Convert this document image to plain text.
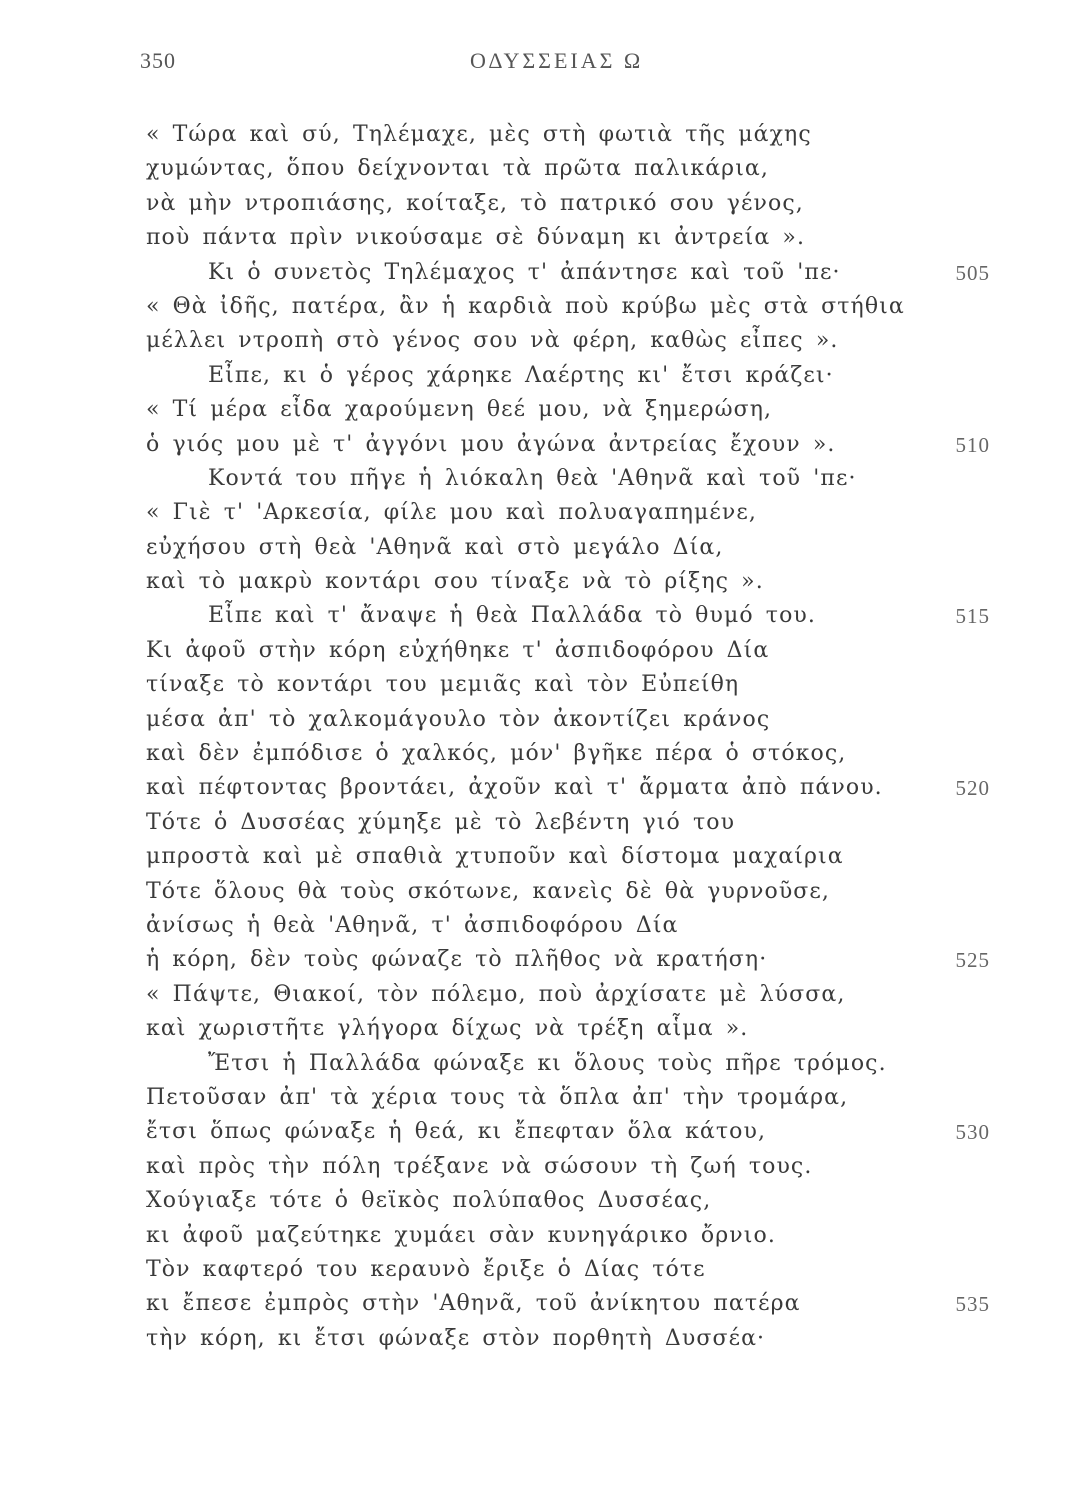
350	ΟΔΥΣΣΕΙΑΣ Ω
« Τώρα καὶ σύ, Τηλέμαχε, μὲς στὴ φωτιὰ τῆς μάχης
χυμώντας, ὅπου δείχνονται τὰ πρῶτα παλικάρια,
νὰ μὴν ντροπιάσης, κοίταξε, τὸ πατρικό σου γένος,
ποὺ πάντα πρὶν νικούσαμε σὲ δύναμη κι ἀντρεία ».
Κι ὁ συνετὸς Τηλέμαχος τ' ἀπάντησε καὶ τοῦ 'πε·	505
« Θὰ ἰδῆς, πατέρα, ἂν ἡ καρδιὰ ποὺ κρύβω μὲς στὰ στήθια
μέλλει ντροπὴ στὸ γένος σου νὰ φέρη, καθὼς εἶπες ».
Εἶπε, κι ὁ γέρος χάρηκε Λαέρτης κι' ἔτσι κράζει·
« Τί μέρα εἶδα χαρούμενη θεέ μου, νὰ ξημερώση,
ὁ γιός μου μὲ τ' ἀγγόνι μου ἀγώνα ἀντρείας ἔχουν ».	510
Κοντά του πῆγε ἡ λιόκαλη θεὰ 'Αθηνᾶ καὶ τοῦ 'πε·
« Γιὲ τ' 'Αρκεσία, φίλε μου καὶ πολυαγαπημένε,
εὐχήσου στὴ θεὰ 'Αθηνᾶ καὶ στὸ μεγάλο Δία,
καὶ τὸ μακρὺ κοντάρι σου τίναξε νὰ τὸ ρίξης ».
Εἶπε καὶ τ' ἄναψε ἡ θεὰ Παλλάδα τὸ θυμό του.	515
Κι ἀφοῦ στὴν κόρη εὐχήθηκε τ' ἀσπιδοφόρου Δία
τίναξε τὸ κοντάρι του μεμιᾶς καὶ τὸν Εὐπείθη
μέσα ἀπ' τὸ χαλκομάγουλο τὸν ἀκοντίζει κράνος
καὶ δὲν ἐμπόδισε ὁ χαλκός, μόν' βγῆκε πέρα ὁ στόκος,
καὶ πέφτοντας βροντάει, ἀχοῦν καὶ τ' ἄρματα ἀπὸ πάνου.	520
Τότε ὁ Δυσσέας χύμηξε μὲ τὸ λεβέντη γιό του
μπροστὰ καὶ μὲ σπαθιὰ χτυποῦν καὶ δίστομα μαχαίρια
Τότε ὅλους θὰ τοὺς σκότωνε, κανεὶς δὲ θὰ γυρνοῦσε,
ἀνίσως ἡ θεὰ 'Αθηνᾶ, τ' ἀσπιδοφόρου Δία
ἡ κόρη, δὲν τοὺς φώναζε τὸ πλῆθος νὰ κρατήση·	525
« Πάψτε, Θιακοί, τὸν πόλεμο, ποὺ ἀρχίσατε μὲ λύσσα,
καὶ χωριστῆτε γλήγορα δίχως νὰ τρέξη αἷμα ».
Ἔτσι ἡ Παλλάδα φώναξε κι ὅλους τοὺς πῆρε τρόμος.
Πετοῦσαν ἀπ' τὰ χέρια τους τὰ ὅπλα ἀπ' τὴν τρομάρα,
ἔτσι ὅπως φώναξε ἡ θεά, κι ἔπεφταν ὅλα κάτου,	530
καὶ πρὸς τὴν πόλη τρέξανε νὰ σώσουν τὴ ζωή τους.
Χούγιαξε τότε ὁ θεϊκὸς πολύπαθος Δυσσέας,
κι ἀφοῦ μαζεύτηκε χυμάει σὰν κυνηγάρικο ὄρνιο.
Τὸν καφτερό του κεραυνὸ ἔριξε ὁ Δίας τότε
κι ἔπεσε ἐμπρὸς στὴν 'Αθηνᾶ, τοῦ ἀνίκητου πατέρα	535
τὴν κόρη, κι ἔτσι φώναξε στὸν πορθητὴ Δυσσέα·
